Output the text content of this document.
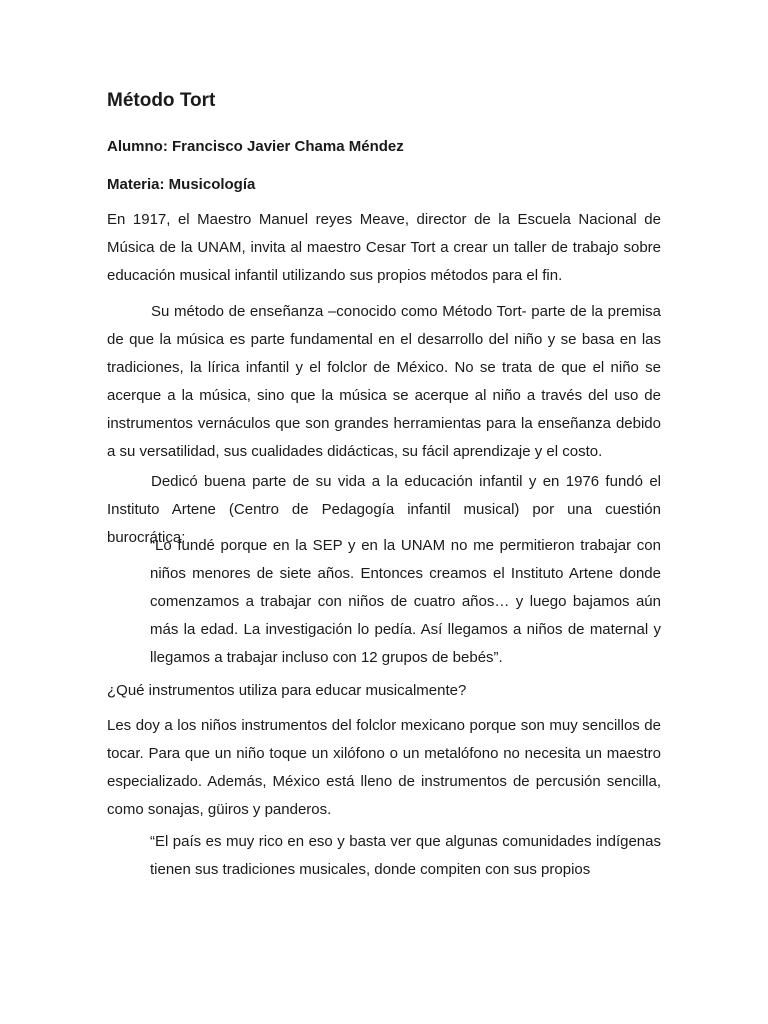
Método Tort

Alumno: Francisco Javier Chama Méndez

Materia: Musicología

En 1917, el Maestro Manuel reyes Meave, director de la Escuela Nacional de Música de la UNAM, invita al maestro Cesar Tort a crear un taller de trabajo sobre educación musical infantil utilizando sus propios métodos para el fin.

Su método de enseñanza –conocido como Método Tort- parte de la premisa de que la música es parte fundamental en el desarrollo del niño y se basa en las tradiciones, la lírica infantil y el folclor de México. No se trata de que el niño se acerque a la música, sino que la música se acerque al niño a través del uso de instrumentos vernáculos que son grandes herramientas para la enseñanza debido a su versatilidad, sus cualidades didácticas, su fácil aprendizaje y el costo.

Dedicó buena parte de su vida a la educación infantil y en 1976 fundó el Instituto Artene (Centro de Pedagogía infantil musical) por una cuestión burocrática:

“Lo fundé porque en la SEP y en la UNAM no me permitieron trabajar con niños menores de siete años. Entonces creamos el Instituto Artene donde comenzamos a trabajar con niños de cuatro años… y luego bajamos aún más la edad. La investigación lo pedía. Así llegamos a niños de maternal y llegamos a trabajar incluso con 12 grupos de bebés”.

¿Qué instrumentos utiliza para educar musicalmente?

Les doy a los niños instrumentos del folclor mexicano porque son muy sencillos de tocar. Para que un niño toque un xilófono o un metalófono no necesita un maestro especializado. Además, México está lleno de instrumentos de percusión sencilla, como sonajas, güiros y panderos.

“El país es muy rico en eso y basta ver que algunas comunidades indígenas tienen sus tradiciones musicales, donde compiten con sus propios
